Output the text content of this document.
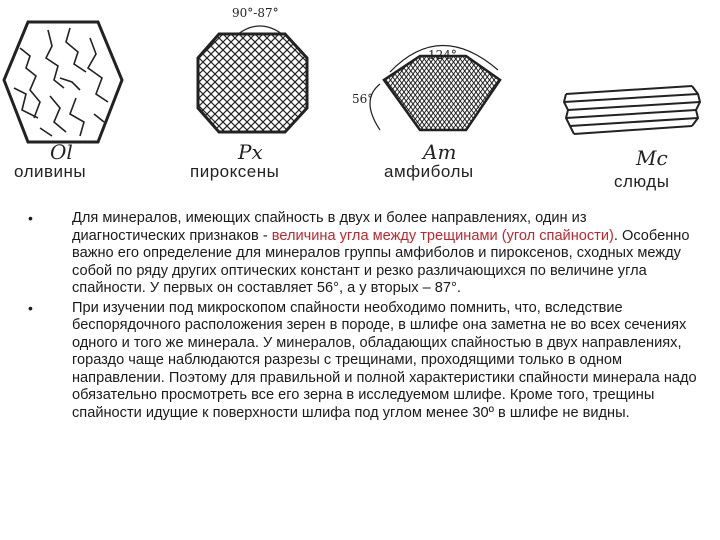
Ol
оливины
90°-87°
Px
пироксены
124°
56°
Am
амфиболы
Mc
слюды
•	Для минералов, имеющих спайность в двух и более направлениях, один из диагностических признаков - величина угла между трещинами (угол спайности). Особенно важно его определение для минералов группы амфиболов и пироксенов, сходных между собой по ряду других оптических констант и резко различающихся по величине угла спайности. У первых он составляет 56°, а у вторых – 87°.
•	При изучении под микроскопом спайности необходимо помнить, что, вследствие беспорядочного расположения зерен в породе, в шлифе она заметна не во всех сечениях одного и того же минерала. У минералов, обладающих спайностью в двух направлениях, гораздо чаще наблюдаются разрезы с трещинами, проходящими только в одном направлении. Поэтому для правильной и полной характеристики спайности минерала надо обязательно просмотреть все его зерна в исследуемом шлифе. Кроме того, трещины спайности идущие к поверхности шлифа под углом менее 30º в шлифе не видны.
